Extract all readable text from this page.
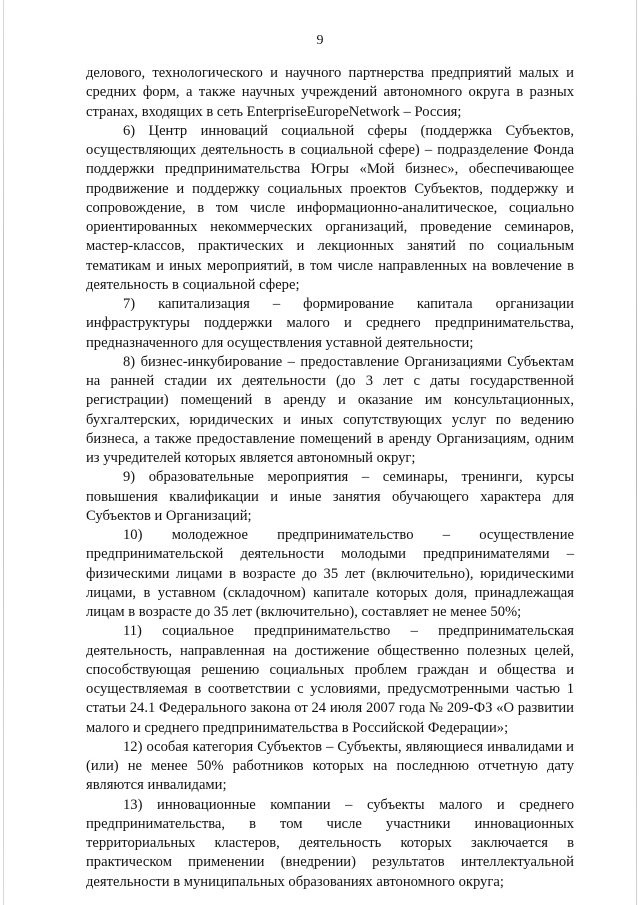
9

делового, технологического и научного партнерства предприятий малых и средних форм, а также научных учреждений автономного округа в разных странах, входящих в сеть EnterpriseEuropeNetwork – Россия;

6) Центр инноваций социальной сферы (поддержка Субъектов, осуществляющих деятельность в социальной сфере) – подразделение Фонда поддержки предпринимательства Югры «Мой бизнес», обеспечивающее продвижение и поддержку социальных проектов Субъектов, поддержку и сопровождение, в том числе информационно-аналитическое, социально ориентированных некоммерческих организаций, проведение семинаров, мастер-классов, практических и лекционных занятий по социальным тематикам и иных мероприятий, в том числе направленных на вовлечение в деятельность в социальной сфере;

7) капитализация – формирование капитала организации инфраструктуры поддержки малого и среднего предпринимательства, предназначенного для осуществления уставной деятельности;

8) бизнес-инкубирование – предоставление Организациями Субъектам на ранней стадии их деятельности (до 3 лет с даты государственной регистрации) помещений в аренду и оказание им консультационных, бухгалтерских, юридических и иных сопутствующих услуг по ведению бизнеса, а также предоставление помещений в аренду Организациям, одним из учредителей которых является автономный округ;

9) образовательные мероприятия – семинары, тренинги, курсы повышения квалификации и иные занятия обучающего характера для Субъектов и Организаций;

10) молодежное предпринимательство – осуществление предпринимательской деятельности молодыми предпринимателями – физическими лицами в возрасте до 35 лет (включительно), юридическими лицами, в уставном (складочном) капитале которых доля, принадлежащая лицам в возрасте до 35 лет (включительно), составляет не менее 50%;

11) социальное предпринимательство – предпринимательская деятельность, направленная на достижение общественно полезных целей, способствующая решению социальных проблем граждан и общества и осуществляемая в соответствии с условиями, предусмотренными частью 1 статьи 24.1 Федерального закона от 24 июля 2007 года № 209-ФЗ «О развитии малого и среднего предпринимательства в Российской Федерации»;

12) особая категория Субъектов – Субъекты, являющиеся инвалидами и (или) не менее 50% работников которых на последнюю отчетную дату являются инвалидами;

13) инновационные компании – субъекты малого и среднего предпринимательства, в том числе участники инновационных территориальных кластеров, деятельность которых заключается в практическом применении (внедрении) результатов интеллектуальной деятельности в муниципальных образованиях автономного округа;
